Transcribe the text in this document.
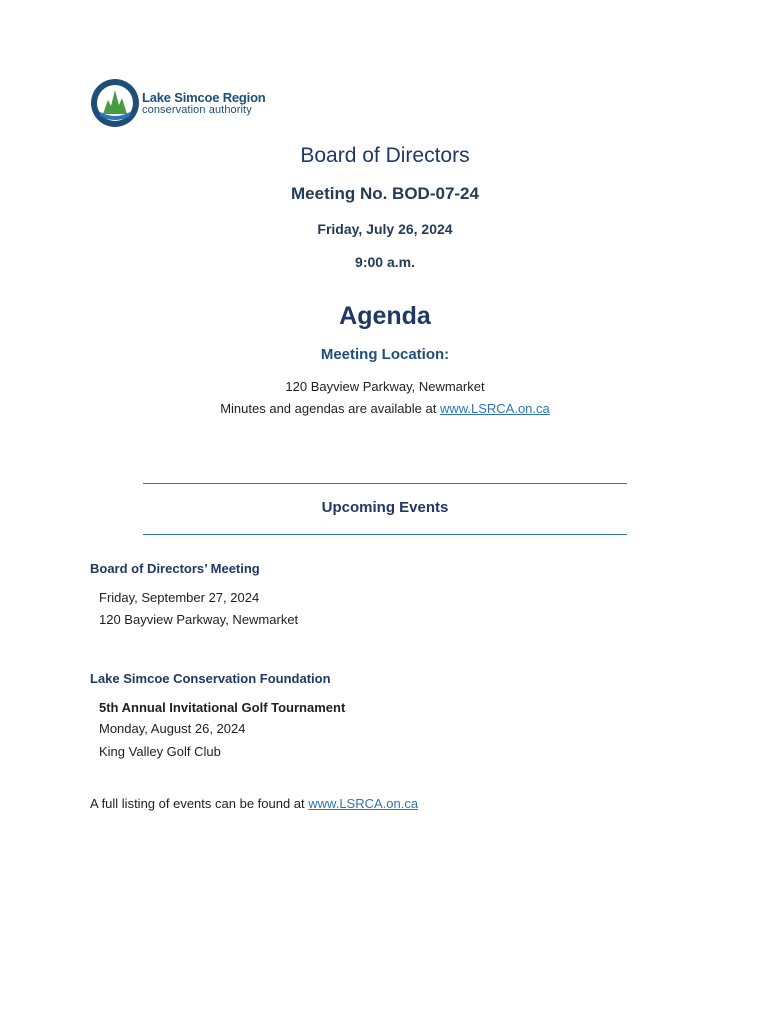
Lake Simcoe Region
conservation authority
Board of Directors
Meeting No. BOD-07-24
Friday, July 26, 2024
9:00 a.m.
Agenda
Meeting Location:
120 Bayview Parkway, Newmarket
Minutes and agendas are available at www.LSRCA.on.ca
Upcoming Events
Board of Directors’ Meeting
Friday, September 27, 2024
120 Bayview Parkway, Newmarket
Lake Simcoe Conservation Foundation
5th Annual Invitational Golf Tournament
Monday, August 26, 2024
King Valley Golf Club
A full listing of events can be found at www.LSRCA.on.ca
